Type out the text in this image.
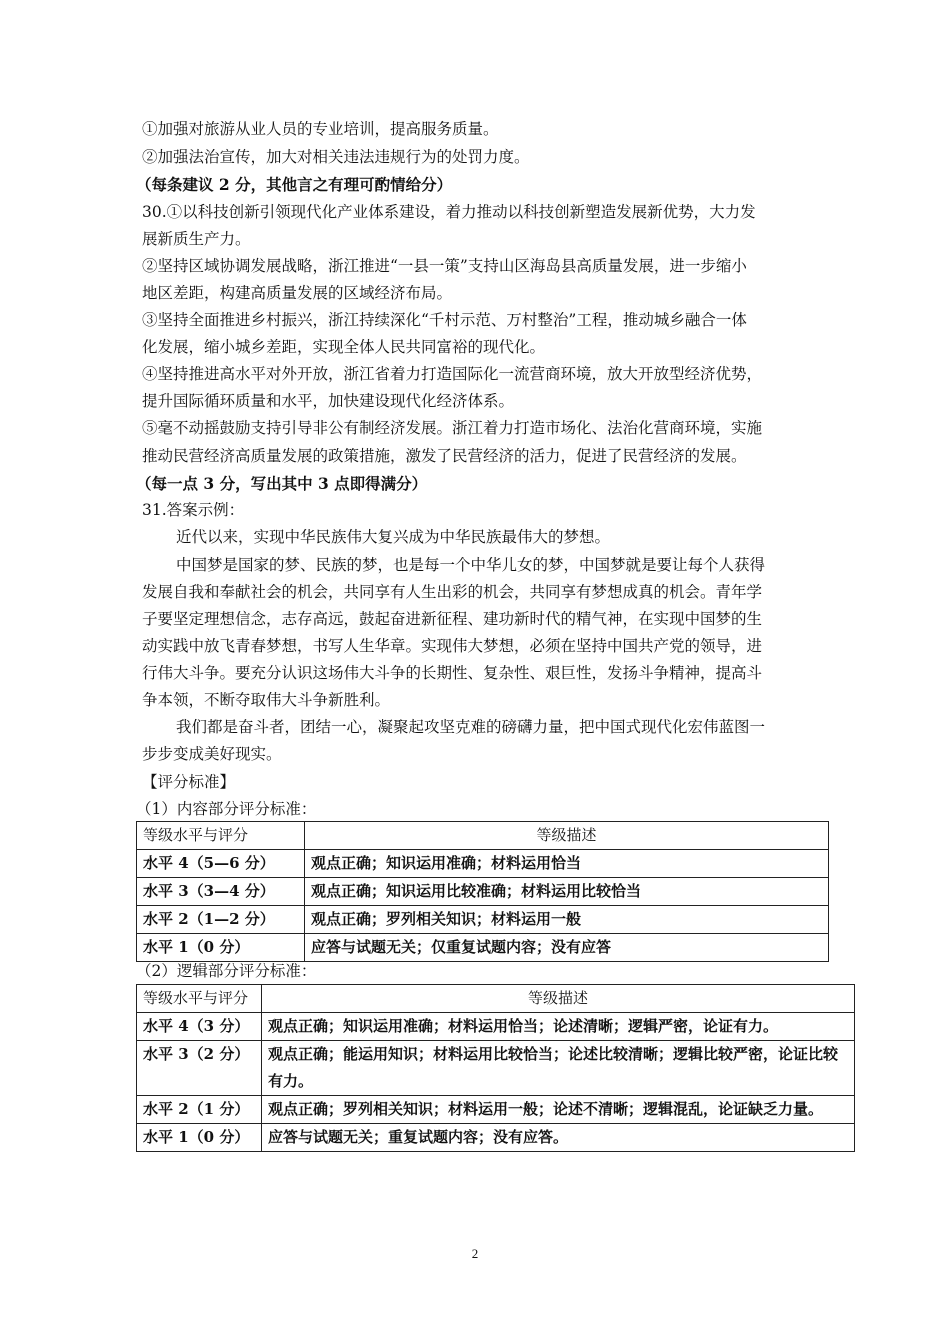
①加强对旅游从业人员的专业培训，提高服务质量。
②加强法治宣传，加大对相关违法违规行为的处罚力度。
（每条建议 2 分，其他言之有理可酌情给分）
30.①以科技创新引领现代化产业体系建设，着力推动以科技创新塑造发展新优势，大力发
展新质生产力。
②坚持区域协调发展战略，浙江推进“一县一策”支持山区海岛县高质量发展，进一步缩小
地区差距，构建高质量发展的区域经济布局。
③坚持全面推进乡村振兴，浙江持续深化“千村示范、万村整治”工程，推动城乡融合一体
化发展，缩小城乡差距，实现全体人民共同富裕的现代化。
④坚持推进高水平对外开放，浙江省着力打造国际化一流营商环境，放大开放型经济优势，
提升国际循环质量和水平，加快建设现代化经济体系。
⑤毫不动摇鼓励支持引导非公有制经济发展。浙江着力打造市场化、法治化营商环境，实施
推动民营经济高质量发展的政策措施，激发了民营经济的活力，促进了民营经济的发展。
（每一点 3 分，写出其中 3 点即得满分）
31.答案示例：
近代以来，实现中华民族伟大复兴成为中华民族最伟大的梦想。
中国梦是国家的梦、民族的梦，也是每一个中华儿女的梦，中国梦就是要让每个人获得
发展自我和奉献社会的机会，共同享有人生出彩的机会，共同享有梦想成真的机会。青年学
子要坚定理想信念，志存高远，鼓起奋进新征程、建功新时代的精气神，在实现中国梦的生
动实践中放飞青春梦想，书写人生华章。实现伟大梦想，必须在坚持中国共产党的领导，进
行伟大斗争。要充分认识这场伟大斗争的长期性、复杂性、艰巨性，发扬斗争精神，提高斗
争本领，不断夺取伟大斗争新胜利。
我们都是奋斗者，团结一心，凝聚起攻坚克难的磅礴力量，把中国式现代化宏伟蓝图一
步步变成美好现实。
【评分标准】
（1）内容部分评分标准：
等级水平与评分	等级描述
水平 4（5—6 分）	观点正确；知识运用准确；材料运用恰当
水平 3（3—4 分）	观点正确；知识运用比较准确；材料运用比较恰当
水平 2（1—2 分）	观点正确；罗列相关知识；材料运用一般
水平 1（0 分）	应答与试题无关；仅重复试题内容；没有应答
（2）逻辑部分评分标准：
等级水平与评分	等级描述
水平 4（3 分）	观点正确；知识运用准确；材料运用恰当；论述清晰；逻辑严密，论证有力。
水平 3（2 分）	观点正确；能运用知识；材料运用比较恰当；论述比较清晰；逻辑比较严密，论证比较有力。
水平 2（1 分）	观点正确；罗列相关知识；材料运用一般；论述不清晰；逻辑混乱，论证缺乏力量。
水平 1（0 分）	应答与试题无关；重复试题内容；没有应答。
2
